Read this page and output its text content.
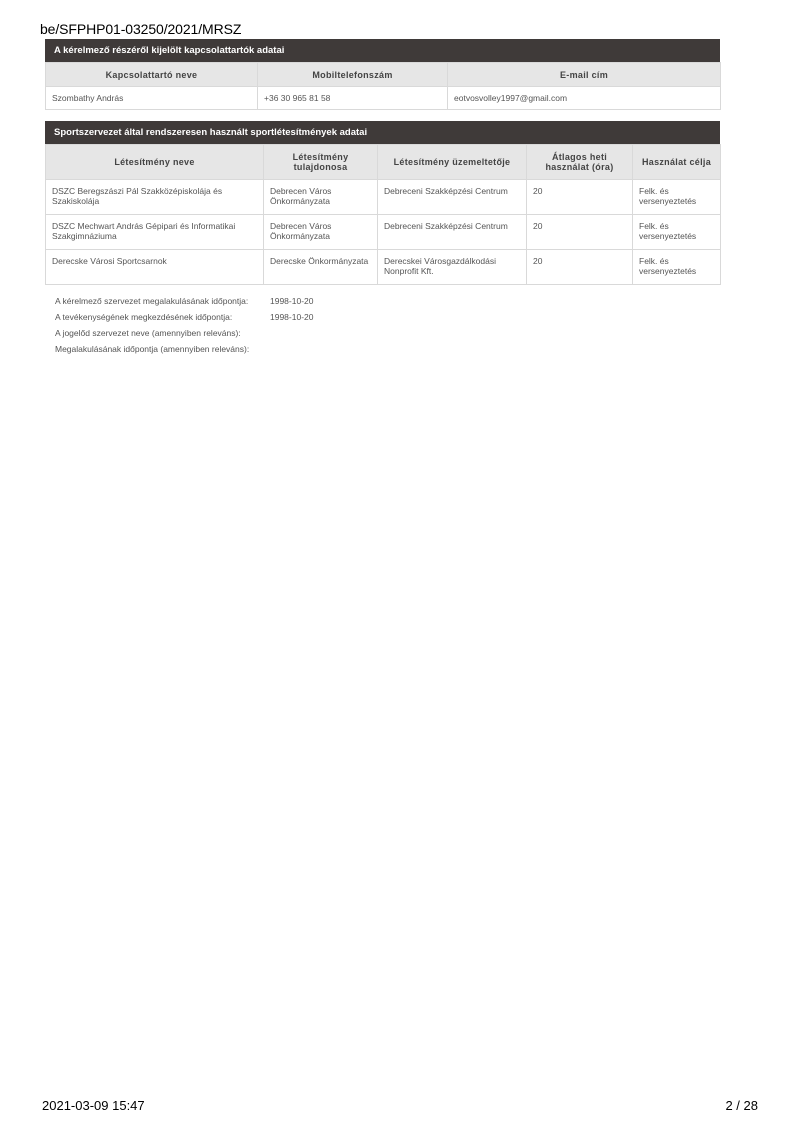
be/SFPHP01-03250/2021/MRSZ
A kérelmező részéről kijelölt kapcsolattartók adatai
Kapcsolattartó neve	Mobiltelefonszám	E-mail cím
Szombathy András	+36 30 965 81 58	eotvosvolley1997@gmail.com
Sportszervezet által rendszeresen használt sportlétesítmények adatai
Létesítmény neve	Létesítmény tulajdonosa	Létesítmény üzemeltetője	Átlagos heti használat (óra)	Használat célja
DSZC Beregszászi Pál Szakközépiskolája és Szakiskolája	Debrecen Város Önkormányzata	Debreceni Szakképzési Centrum	20	Felk. és versenyeztetés
DSZC Mechwart András Gépipari és Informatikai Szakgimnáziuma	Debrecen Város Önkormányzata	Debreceni Szakképzési Centrum	20	Felk. és versenyeztetés
Derecske Városi Sportcsarnok	Derecske Önkormányzata	Derecskei Városgazdálkodási Nonprofit Kft.	20	Felk. és versenyeztetés
A kérelmező szervezet megalakulásának időpontja:	1998-10-20
A tevékenységének megkezdésének időpontja:	1998-10-20
A jogelőd szervezet neve (amennyiben releváns):
Megalakulásának időpontja (amennyiben releváns):
2021-03-09 15:47	2 / 28
